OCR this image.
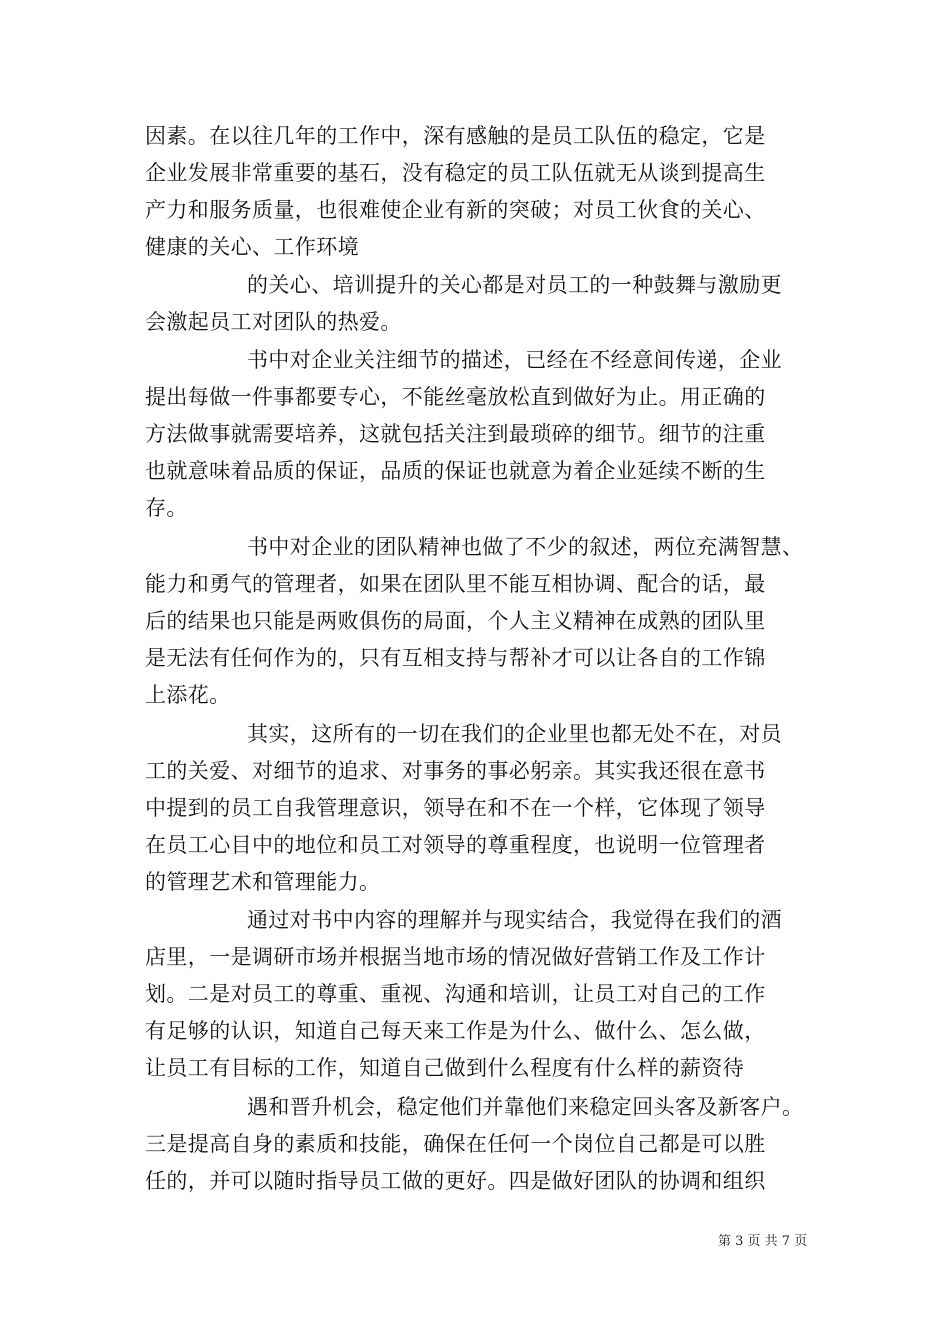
因素。在以往几年的工作中，深有感触的是员工队伍的稳定，它是
企业发展非常重要的基石，没有稳定的员工队伍就无从谈到提高生
产力和服务质量，也很难使企业有新的突破；对员工伙食的关心、
健康的关心、工作环境
的关心、培训提升的关心都是对员工的一种鼓舞与激励更
会激起员工对团队的热爱。
书中对企业关注细节的描述，已经在不经意间传递，企业
提出每做一件事都要专心，不能丝毫放松直到做好为止。用正确的
方法做事就需要培养，这就包括关注到最琐碎的细节。细节的注重
也就意味着品质的保证，品质的保证也就意为着企业延续不断的生
存。
书中对企业的团队精神也做了不少的叙述，两位充满智慧、
能力和勇气的管理者，如果在团队里不能互相协调、配合的话，最
后的结果也只能是两败俱伤的局面，个人主义精神在成熟的团队里
是无法有任何作为的，只有互相支持与帮补才可以让各自的工作锦
上添花。
其实，这所有的一切在我们的企业里也都无处不在，对员
工的关爱、对细节的追求、对事务的事必躬亲。其实我还很在意书
中提到的员工自我管理意识，领导在和不在一个样，它体现了领导
在员工心目中的地位和员工对领导的尊重程度，也说明一位管理者
的管理艺术和管理能力。
通过对书中内容的理解并与现实结合，我觉得在我们的酒
店里，一是调研市场并根据当地市场的情况做好营销工作及工作计
划。二是对员工的尊重、重视、沟通和培训，让员工对自己的工作
有足够的认识，知道自己每天来工作是为什么、做什么、怎么做，
让员工有目标的工作，知道自己做到什么程度有什么样的薪资待
遇和晋升机会，稳定他们并靠他们来稳定回头客及新客户。
三是提高自身的素质和技能，确保在任何一个岗位自己都是可以胜
任的，并可以随时指导员工做的更好。四是做好团队的协调和组织
第 3 页 共 7 页
